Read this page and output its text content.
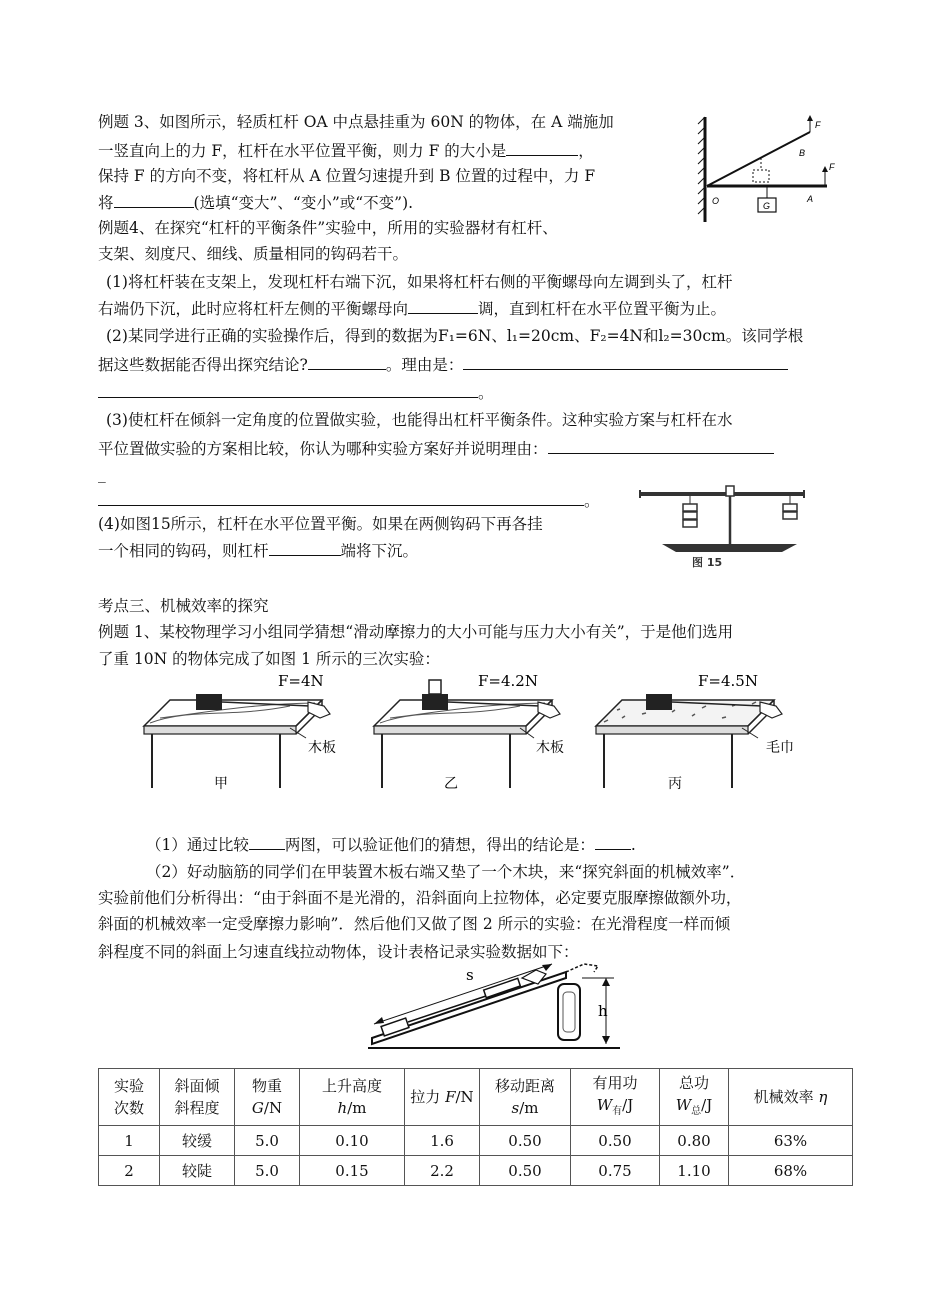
例题 3、如图所示，轻质杠杆 OA 中点悬挂重为 60N 的物体，在 A 端施加
一竖直向上的力 F，杠杆在水平位置平衡，则力 F 的大小是	，
保持 F 的方向不变，将杠杆从 A 位置匀速提升到 B 位置的过程中，力 F
将	(选填“变大”、“变小”或“不变”).	G
F
F
B
O	A
例题4、在探究“杠杆的平衡条件”实验中，所用的实验器材有杠杆、
支架、刻度尺、细线、质量相同的钩码若干。
(1)将杠杆装在支架上，发现杠杆右端下沉，如果将杠杆右侧的平衡螺母向左调到头了，杠杆
右端仍下沉，此时应将杠杆左侧的平衡螺母向	调，直到杠杆在水平位置平衡为止。
(2)某同学进行正确的实验操作后，得到的数据为F₁=6N、l₁=20cm、F₂=4N和l₂=30cm。该同学根
据这些数据能否得出探究结论?	。理由是：
。
(3)使杠杆在倾斜一定角度的位置做实验，也能得出杠杆平衡条件。这种实验方案与杠杆在水
平位置做实验的方案相比较，你认为哪种实验方案好并说明理由：
_
。
(4)如图15所示，杠杆在水平位置平衡。如果在两侧钩码下再各挂
一个相同的钩码，则杠杆	端将下沉。
图 15
考点三、机械效率的探究
例题 1、某校物理学习小组同学猜想“滑动摩擦力的大小可能与压力大小有关”，于是他们选用
了重 10N 的物体完成了如图 1 所示的三次实验：
F=4N
木板
甲
F=4.2N
木板
乙
F=4.5N
毛巾
丙
（1）通过比较 两图，可以验证他们的猜想，得出的结论是： .
（2）好动脑筋的同学们在甲装置木板右端又垫了一个木块，来“探究斜面的机械效率”．
实验前他们分析得出：“由于斜面不是光滑的，沿斜面向上拉物体，必定要克服摩擦做额外功，
斜面的机械效率一定受摩擦力影响”．然后他们又做了图 2 所示的实验：在光滑程度一样而倾
斜程度不同的斜面上匀速直线拉动物体，设计表格记录实验数据如下：
s
h
实验
次数	斜面倾
斜程度	物重
G/N	上升高度
h/m	拉力 F/N	移动距离
s/m	有用功
$W_有/J$	总功
$W_总/J$	机械效率 η
1	较缓	5.0	0.10	1.6	0.50	0.50	0.80	63%
2	较陡	5.0	0.15	2.2	0.50	0.75	1.10	68%
